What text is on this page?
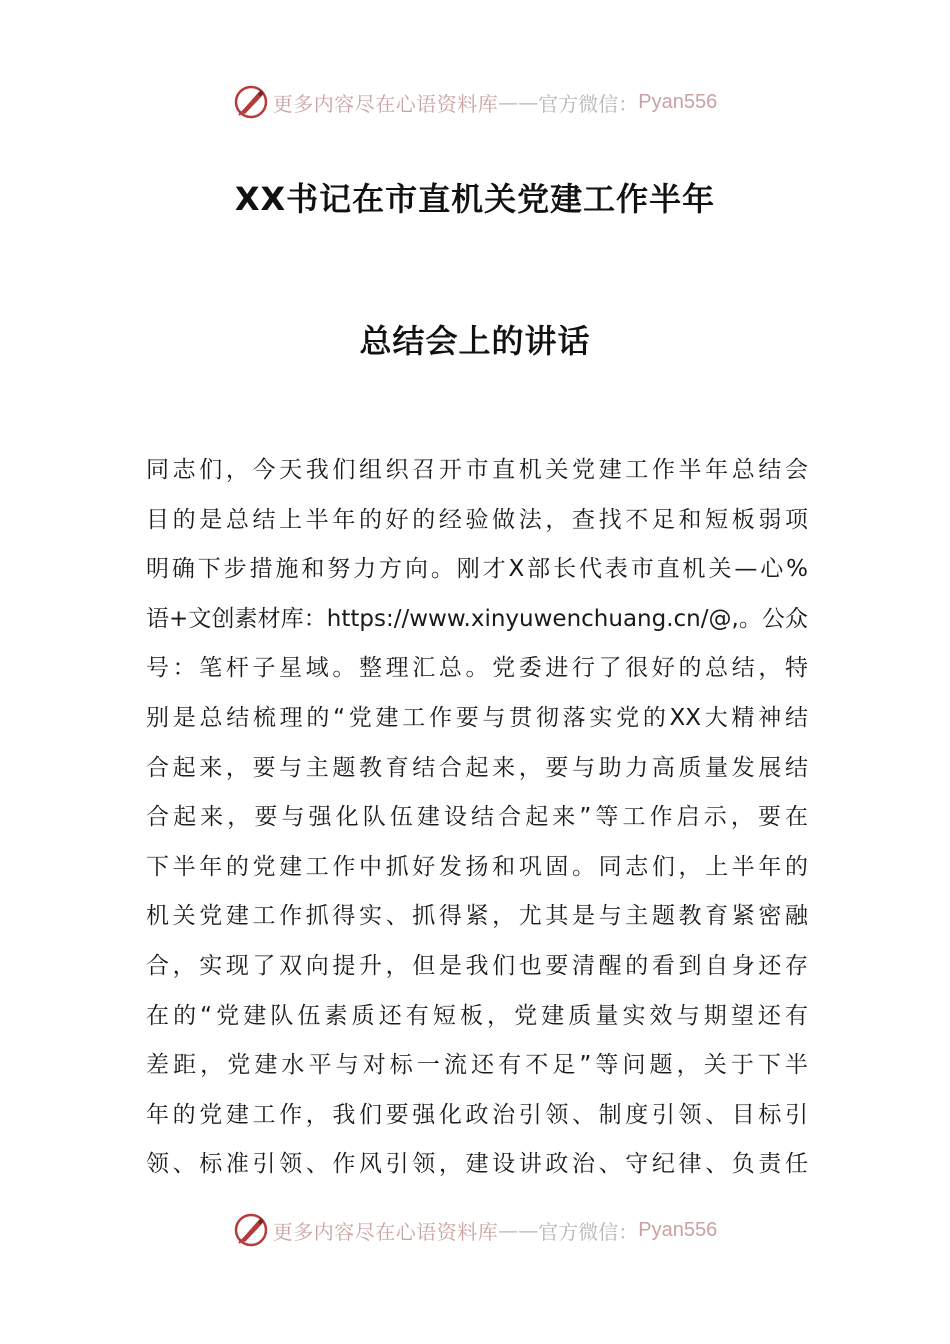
更多内容尽在心语资料库 —— 官方微信： Pyan556
XX书记在市直机关党建工作半年
总结会上的讲话
同志们，今天我们组织召开市直机关党建工作半年总结会
目的是总结上半年的好的经验做法，查找不足和短板弱项
明确下步措施和努力方向。刚才X部长代表市直机关—心%
语+文创素材库：https://www.xinyuwenchuang.cn/@,。公众
号：笔杆子星域。整理汇总。党委进行了很好的总结，特
别是总结梳理的“党建工作要与贯彻落实党的XX大精神结
合起来，要与主题教育结合起来，要与助力高质量发展结
合起来，要与强化队伍建设结合起来”等工作启示，要在
下半年的党建工作中抓好发扬和巩固。同志们，上半年的
机关党建工作抓得实、抓得紧，尤其是与主题教育紧密融
合，实现了双向提升，但是我们也要清醒的看到自身还存
在的“党建队伍素质还有短板，党建质量实效与期望还有
差距，党建水平与对标一流还有不足”等问题，关于下半
年的党建工作，我们要强化政治引领、制度引领、目标引
领、标准引领、作风引领，建设讲政治、守纪律、负责任
更多内容尽在心语资料库 —— 官方微信： Pyan556
